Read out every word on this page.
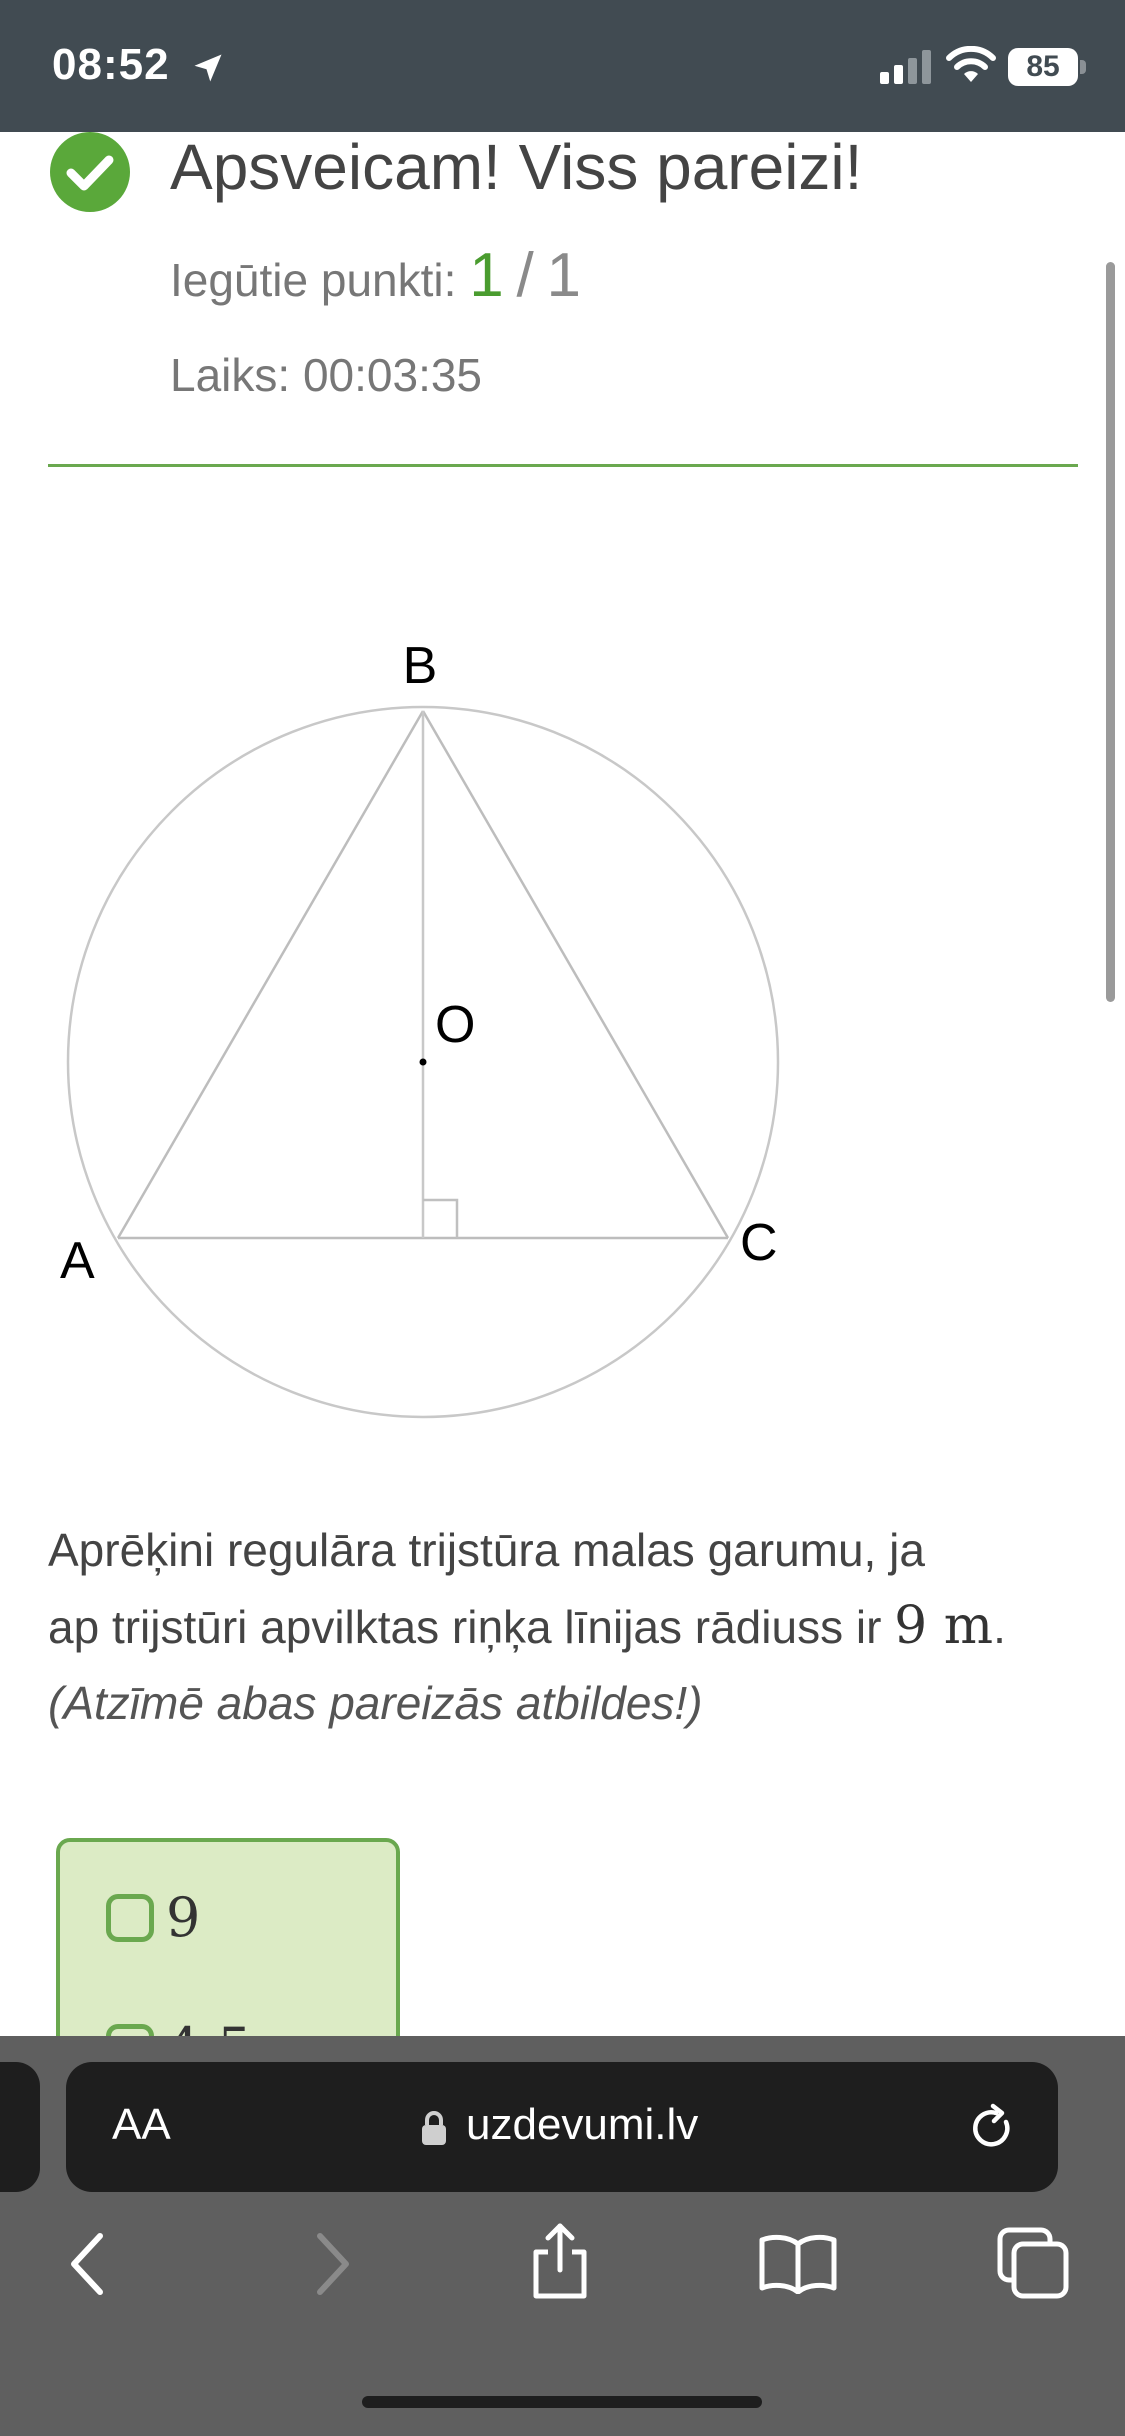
08:52	85
Apsveicam! Viss pareizi!
Iegūtie punkti: 1 / 1
Laiks: 00:03:35
B
O
A	C
Aprēķini regulāra trijstūra malas garumu, ja
ap trijstūri apvilktas riņķa līnijas rādiuss ir 9 m.
(Atzīmē abas pareizās atbildes!)
9
AA	uzdevumi.lv
